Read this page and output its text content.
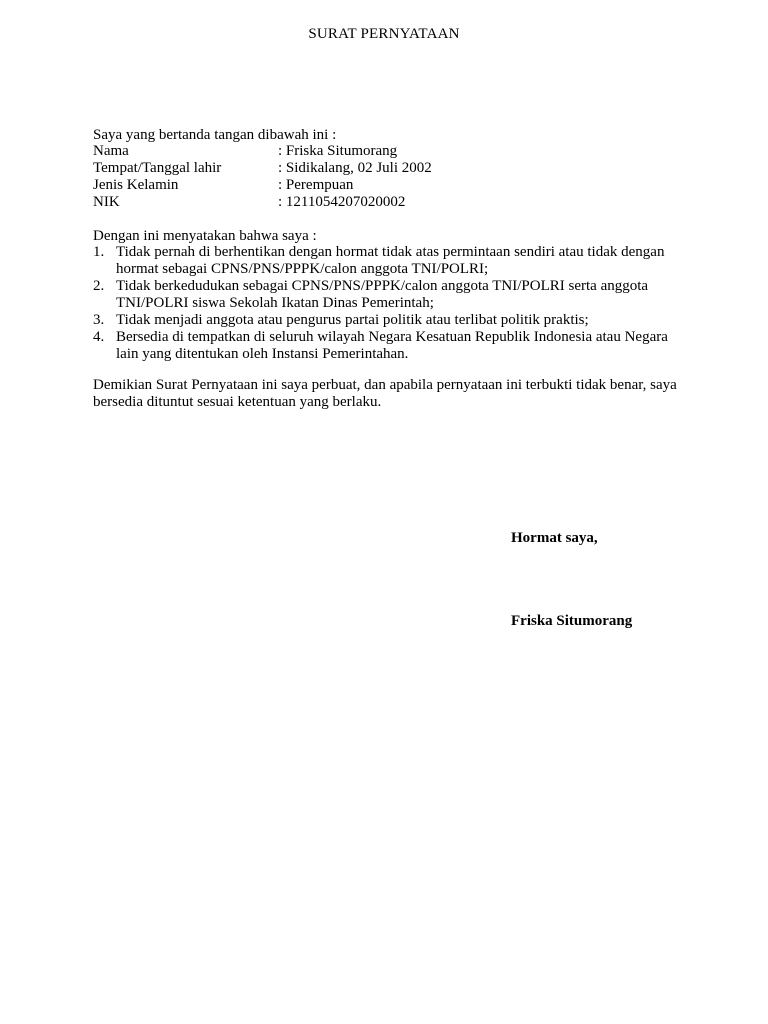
SURAT PERNYATAAN
Saya yang bertanda tangan dibawah ini :
Nama	: Friska Situmorang
Tempat/Tanggal lahir	: Sidikalang, 02 Juli 2002
Jenis Kelamin	: Perempuan
NIK	: 1211054207020002
Dengan ini menyatakan bahwa saya :
1. Tidak pernah di berhentikan dengan hormat tidak atas permintaan sendiri atau tidak dengan hormat sebagai CPNS/PNS/PPPK/calon anggota TNI/POLRI;
2. Tidak berkedudukan sebagai CPNS/PNS/PPPK/calon anggota TNI/POLRI serta anggota TNI/POLRI siswa Sekolah Ikatan Dinas Pemerintah;
3. Tidak menjadi anggota atau pengurus partai politik atau terlibat politik praktis;
4. Bersedia di tempatkan di seluruh wilayah Negara Kesatuan Republik Indonesia atau Negara lain yang ditentukan oleh Instansi Pemerintahan.
Demikian Surat Pernyataan ini saya perbuat, dan apabila pernyataan ini terbukti tidak benar, saya bersedia dituntut sesuai ketentuan yang berlaku.
Hormat saya,
Friska Situmorang
